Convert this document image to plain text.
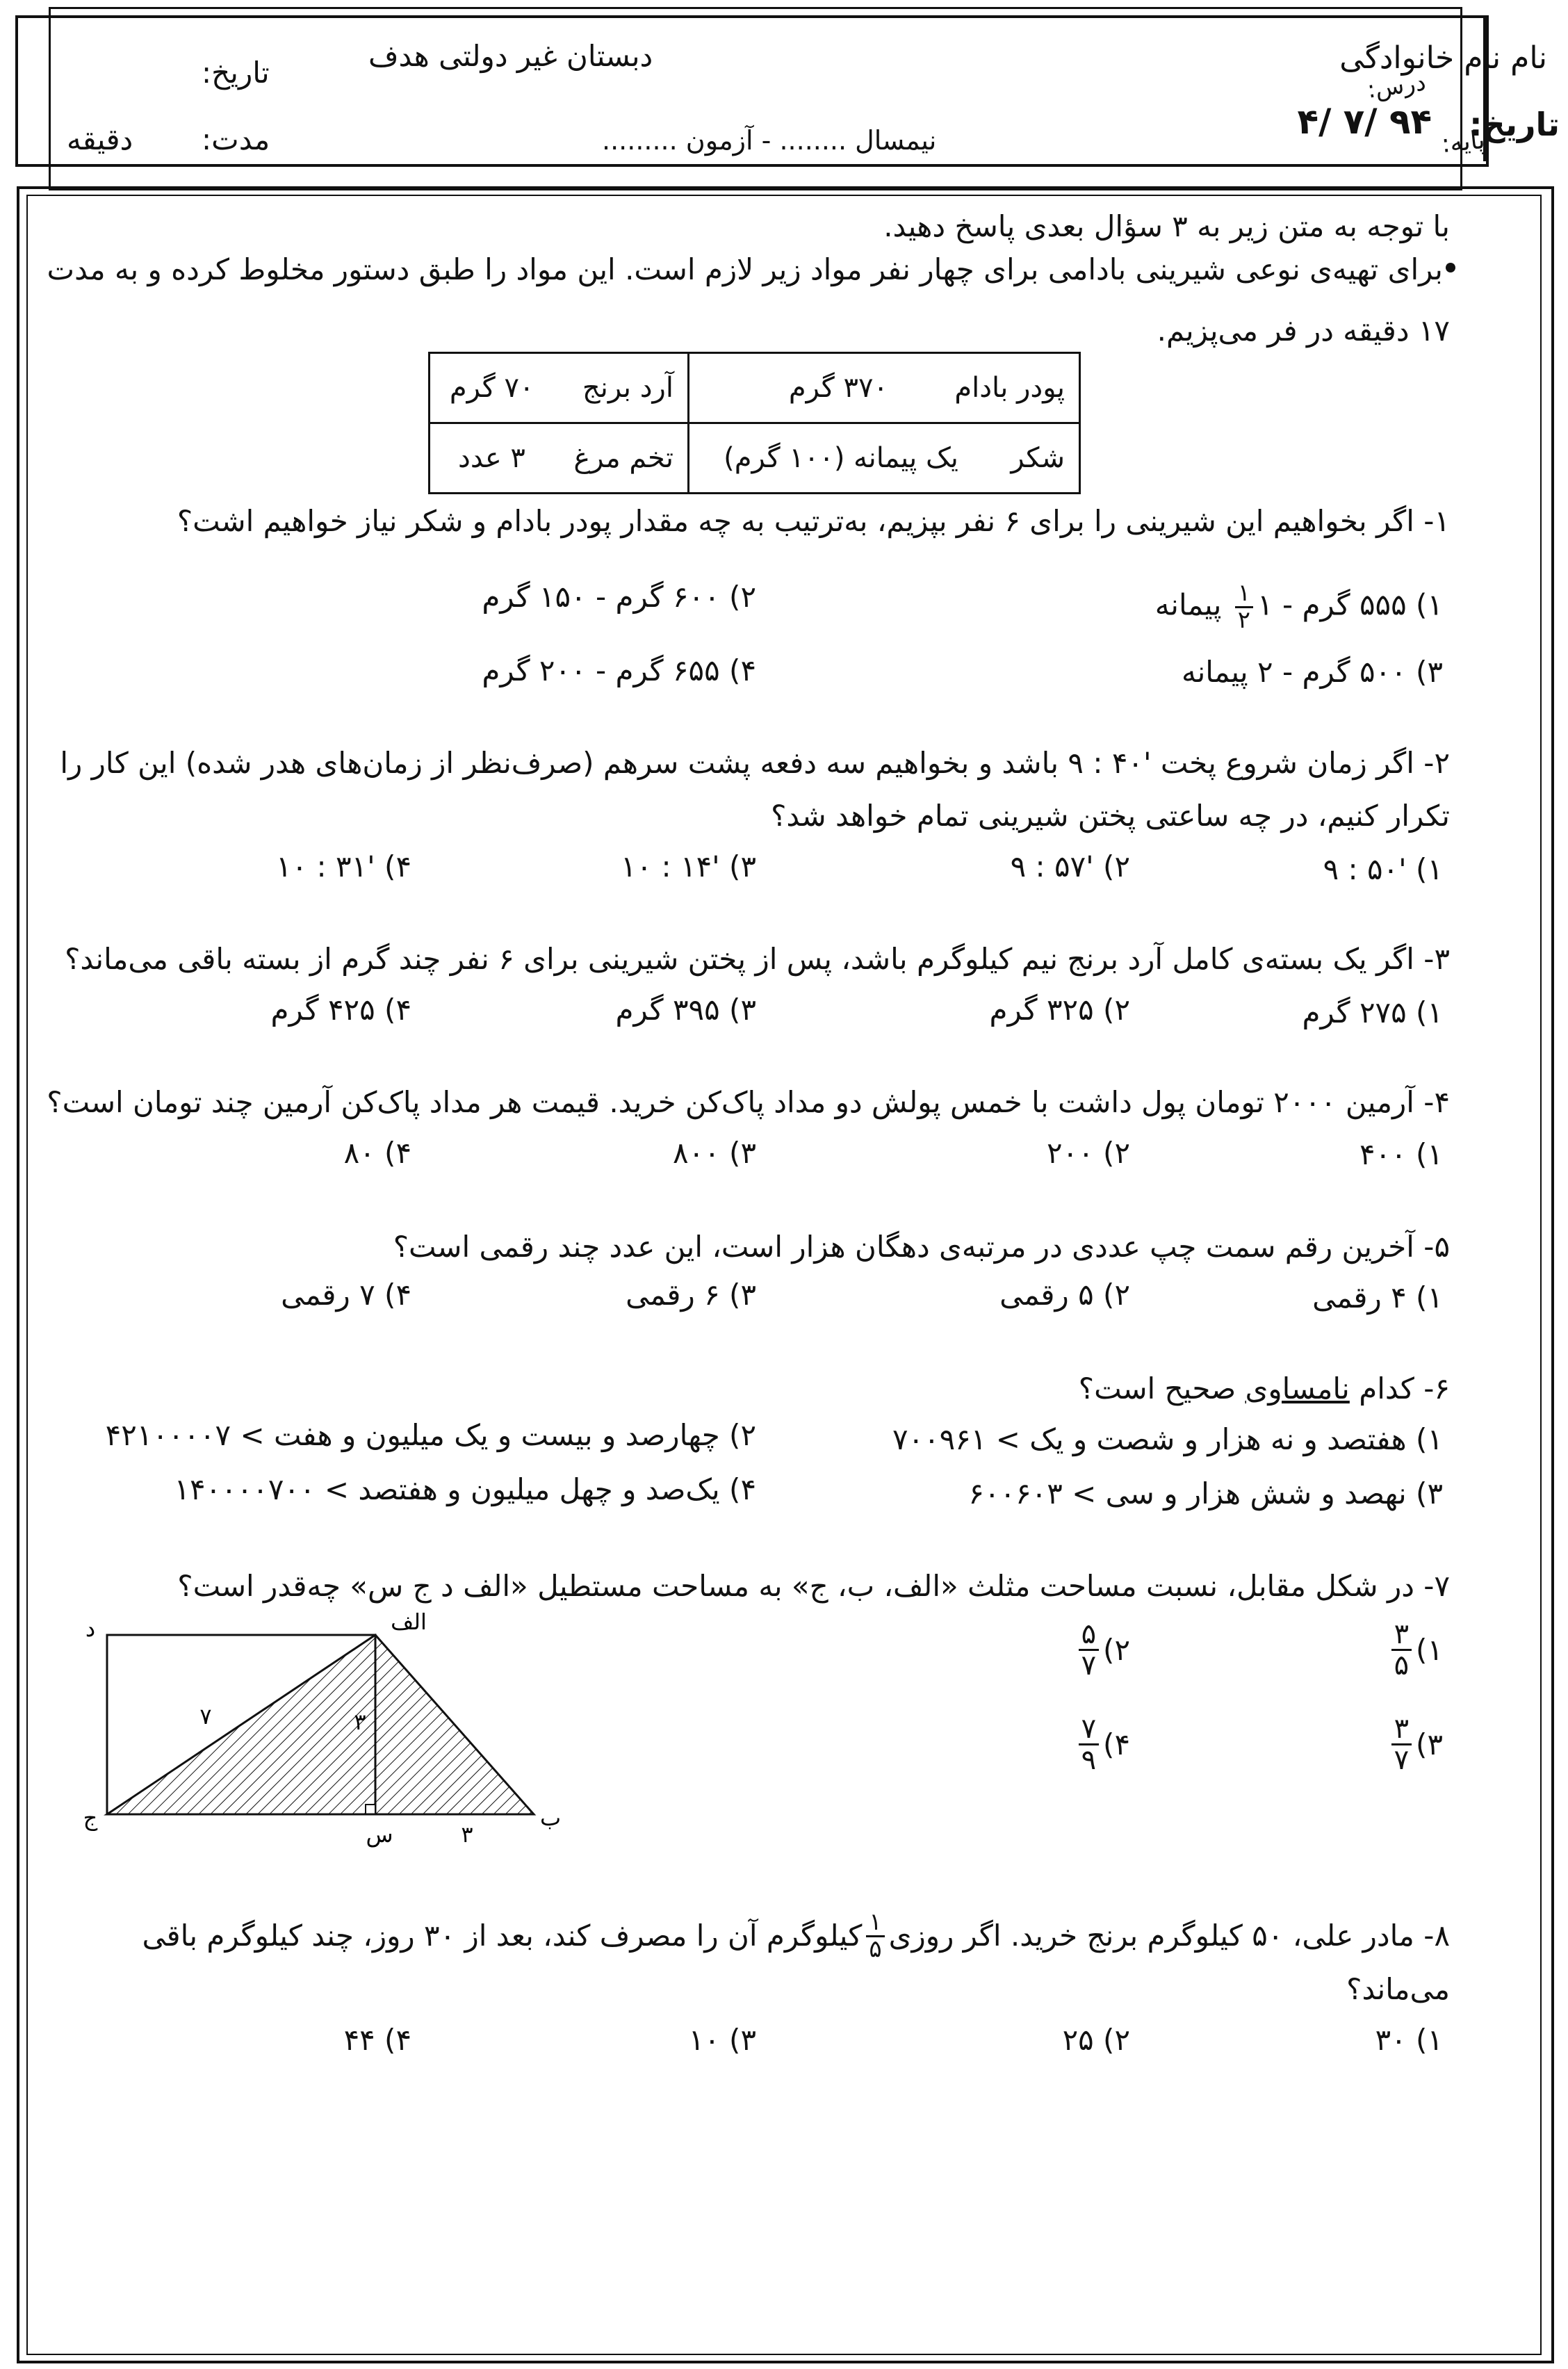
نام نام خانوادگی
درس:
پایه:
تاریخ:
۹۴ /۷ /۴
دبستان غیر دولتی هدف
نیمسال ........ - آزمون .........
تاریخ:
مدت:
دقیقه
با توجه به متن زیر به ۳ سؤال بعدی پاسخ دهید.
برای تهیه‌ی نوعی شیرینی بادامی برای چهار نفر مواد زیر لازم است. این مواد را طبق دستور مخلوط کرده و به مدت
۱۷ دقیقه در فر می‌پزیم.
پودر بادام  ۳۷۰ گرم	آرد برنج  ۷۰ گرم
شکر  یک پیمانه (۱۰۰ گرم)	تخم مرغ  ۳ عدد
۱- اگر بخواهیم این شیرینی را برای ۶ نفر بپزیم، به‌ترتیب به چه مقدار پودر بادام و شکر نیاز خواهیم اشت؟
۱) ۵۵۵ گرم - ۱
$\frac{۱}{۲}$
پیمانه
۲) ۶۰۰ گرم - ۱۵۰ گرم
۳) ۵۰۰ گرم - ۲ پیمانه
۴) ۶۵۵ گرم - ۲۰۰ گرم
۲- اگر زمان شروع پخت '۴۰ : ۹ باشد و بخواهیم سه دفعه پشت سرهم (صرف‌نظر از زمان‌های هدر شده) این کار را
تکرار کنیم، در چه ساعتی پختن شیرینی تمام خواهد شد؟
۱) '۵۰ : ۹
۲) '۵۷ : ۹
۳) '۱۴ : ۱۰
۴) '۳۱ : ۱۰
۳- اگر یک بسته‌ی کامل آرد برنج نیم کیلوگرم باشد، پس از پختن شیرینی برای ۶ نفر چند گرم از بسته باقی می‌ماند؟
۱) ۲۷۵ گرم
۲) ۳۲۵ گرم
۳) ۳۹۵ گرم
۴) ۴۲۵ گرم
۴- آرمین ۲۰۰۰ تومان پول داشت با خمس پولش دو مداد پاک‌کن خرید. قیمت هر مداد پاک‌کن آرمین چند تومان است؟
۱) ۴۰۰
۲) ۲۰۰
۳) ۸۰۰
۴) ۸۰
۵- آخرین رقم سمت چپ عددی در مرتبه‌ی دهگان هزار است، این عدد چند رقمی است؟
۱) ۴ رقمی
۲) ۵ رقمی
۳) ۶ رقمی
۴) ۷ رقمی
۶- کدام نامساوی صحیح است؟
۱) هفتصد و نه هزار و شصت و یک > ۷۰۰۹۶۱
۲) چهارصد و بیست و یک میلیون و هفت > ۴۲۱۰۰۰۰۷
۳) نهصد و شش هزار و سی > ۶۰۰۶۰۳
۴) یک‌صد و چهل میلیون و هفتصد > ۱۴۰۰۰۰۷۰۰
۷- در شکل مقابل، نسبت مساحت مثلث «الف، ب، ج» به مساحت مستطیل «الف د ج س» چه‌قدر است؟
۱)
$\frac{۳}{۵}$
۲)
$\frac{۵}{۷}$
۳)
$\frac{۳}{۷}$
۴)
$\frac{۷}{۹}$
د	الف
ج
س
ب
۷	۳
۳
۸- مادر علی، ۵۰ کیلوگرم برنج خرید. اگر روزی
$\frac{۱}{۵}$
کیلوگرم آن را مصرف کند، بعد از ۳۰ روز، چند کیلوگرم باقی
می‌ماند؟
۱) ۳۰
۲) ۲۵
۳) ۱۰
۴) ۴۴
